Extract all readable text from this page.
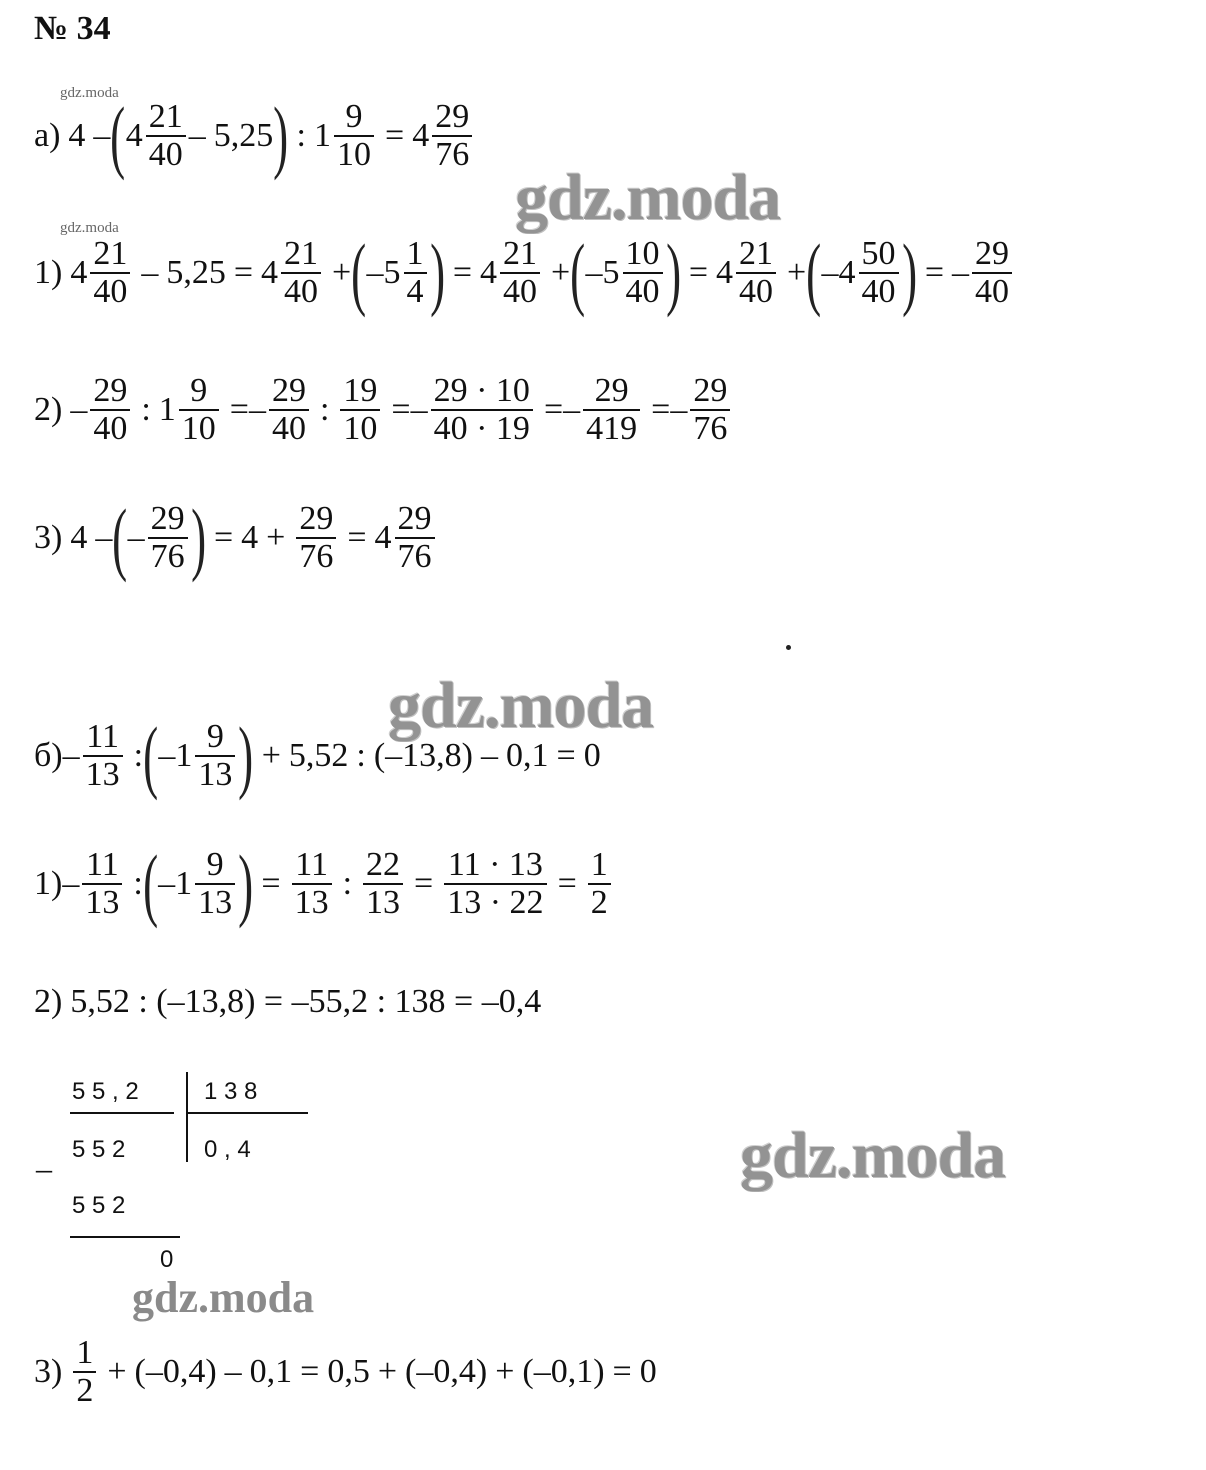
№ 34
gdz.moda
gdz.moda	gdz.moda
gdz.moda
gdz.moda
gdz.moda
а) 4 – ( $4 \frac{21}{40} - 5,25$ ) : $1 \frac{9}{10} = 4 \frac{29}{76}$
1) $4 \frac{21}{40} - 5,25 = 4 \frac{21}{40}$ + ( $-5 \frac{1}{4}$ ) = $4 \frac{21}{40}$ + ( $-5 \frac{10}{40}$ ) = $4 \frac{21}{40}$ + ( $-4 \frac{50}{40}$ ) = – $\frac{29}{40}$
$2) - \frac{29}{40}$ : $1 \frac{9}{10}$ = – $\frac{29}{40}$ : $\frac{19}{10}$ = – $\frac{29 \cdot 10}{40 \cdot 19}$ = – $\frac{29}{419}$ = – $\frac{29}{76}$
3) 4 – ( – $\frac{29}{76}$ ) = $4 + \frac{29}{76} = 4 \frac{29}{76}$
$б) - \frac{11}{13}$ : ( $-1 \frac{9}{13}$ ) + 5,52 : (–13,8) – 0,1 = 0
$1) - \frac{11}{13}$ : ( $-1 \frac{9}{13}$ ) = $\frac{11}{13}$ : $\frac{22}{13} = \frac{11 \cdot 13}{13 \cdot 22} = \frac{1}{2}$
2) 5,52 : (–13,8) = –55,2 : 138 = –0,4
5 5 , 2	1 3 8
5 5 2	0 , 4
–
5 5 2
0
$3) \frac{1}{2} + (-0,4) - 0,1 = 0,5 + (-0,4) + (-0,1) = 0$
